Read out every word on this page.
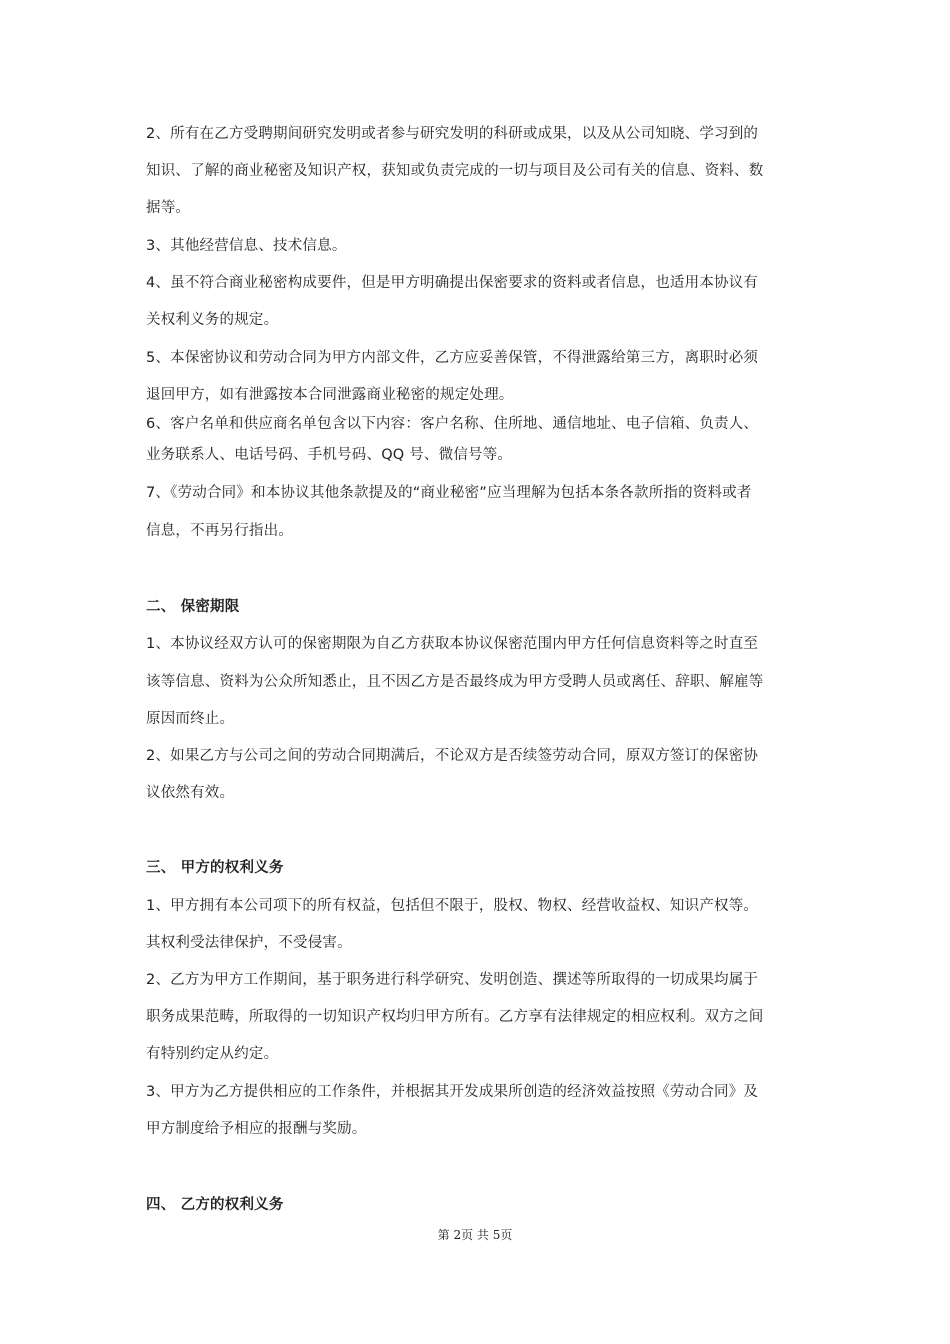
2、所有在乙方受聘期间研究发明或者参与研究发明的科研或成果，以及从公司知晓、学习到的
知识、了解的商业秘密及知识产权，获知或负责完成的一切与项目及公司有关的信息、资料、数
据等。
3、其他经营信息、技术信息。
4、虽不符合商业秘密构成要件，但是甲方明确提出保密要求的资料或者信息，也适用本协议有
关权利义务的规定。
5、本保密协议和劳动合同为甲方内部文件，乙方应妥善保管，不得泄露给第三方，离职时必须
退回甲方，如有泄露按本合同泄露商业秘密的规定处理。
6、客户名单和供应商名单包含以下内容：客户名称、住所地、通信地址、电子信箱、负责人、
业务联系人、电话号码、手机号码、QQ 号、微信号等。
7、《劳动合同》和本协议其他条款提及的“商业秘密”应当理解为包括本条各款所指的资料或者
信息，不再另行指出。
二、 保密期限
1、本协议经双方认可的保密期限为自乙方获取本协议保密范围内甲方任何信息资料等之时直至
该等信息、资料为公众所知悉止，且不因乙方是否最终成为甲方受聘人员或离任、辞职、解雇等
原因而终止。
2、如果乙方与公司之间的劳动合同期满后，不论双方是否续签劳动合同，原双方签订的保密协
议依然有效。
三、 甲方的权利义务
1、甲方拥有本公司项下的所有权益，包括但不限于，股权、物权、经营收益权、知识产权等。
其权利受法律保护，不受侵害。
2、乙方为甲方工作期间，基于职务进行科学研究、发明创造、撰述等所取得的一切成果均属于
职务成果范畴，所取得的一切知识产权均归甲方所有。乙方享有法律规定的相应权利。双方之间
有特别约定从约定。
3、甲方为乙方提供相应的工作条件，并根据其开发成果所创造的经济效益按照《劳动合同》及
甲方制度给予相应的报酬与奖励。
四、 乙方的权利义务
第 2页 共 5页
